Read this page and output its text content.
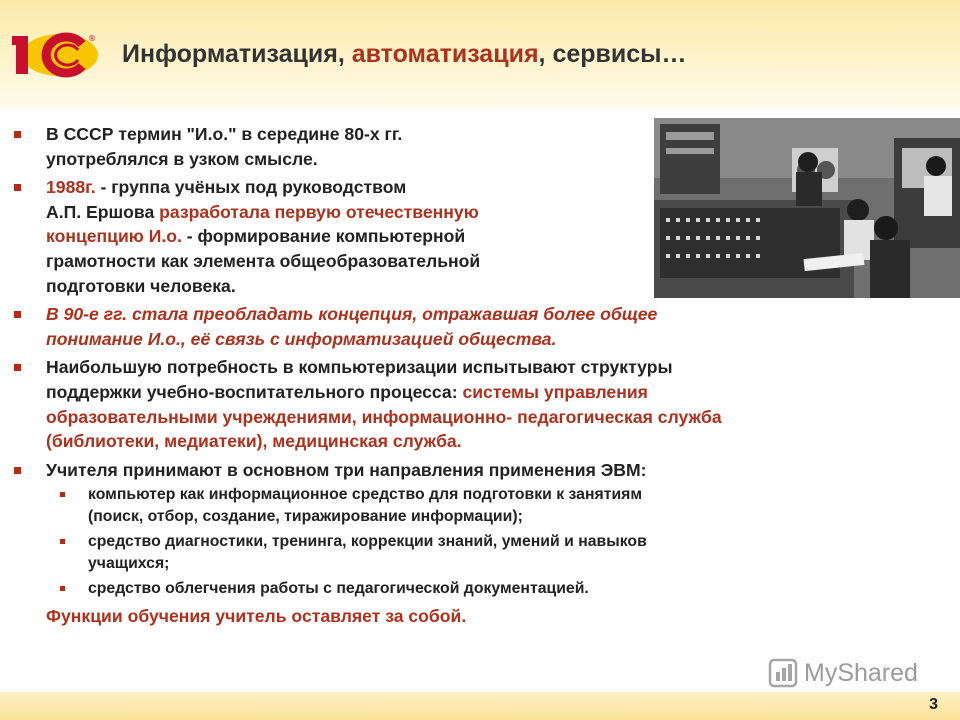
®
Информатизация, автоматизация, сервисы…
В СССР термин "И.о." в середине 80-х гг.
употреблялся в узком смысле.
1988г. - группа учёных под руководством
А.П. Ершова разработала первую отечественную
концепцию И.о. - формирование компьютерной
грамотности как элемента общеобразовательной
подготовки человека.
В 90-е гг. стала преобладать концепция, отражавшая более общее
понимание И.о., её связь с информатизацией общества.
Наибольшую потребность в компьютеризации испытывают структуры
поддержки учебно-воспитательного процесса: системы управления
образовательными учреждениями, информационно- педагогическая служба
(библиотеки, медиатеки), медицинская служба.
Учителя принимают в основном три направления применения ЭВМ:
компьютер как информационное средство для подготовки к занятиям
(поиск, отбор, создание, тиражирование информации);
средство диагностики, тренинга, коррекции знаний, умений и навыков
учащихся;
средство облегчения работы с педагогической документацией.
Функции обучения учитель оставляет за собой.
MyShared
3
